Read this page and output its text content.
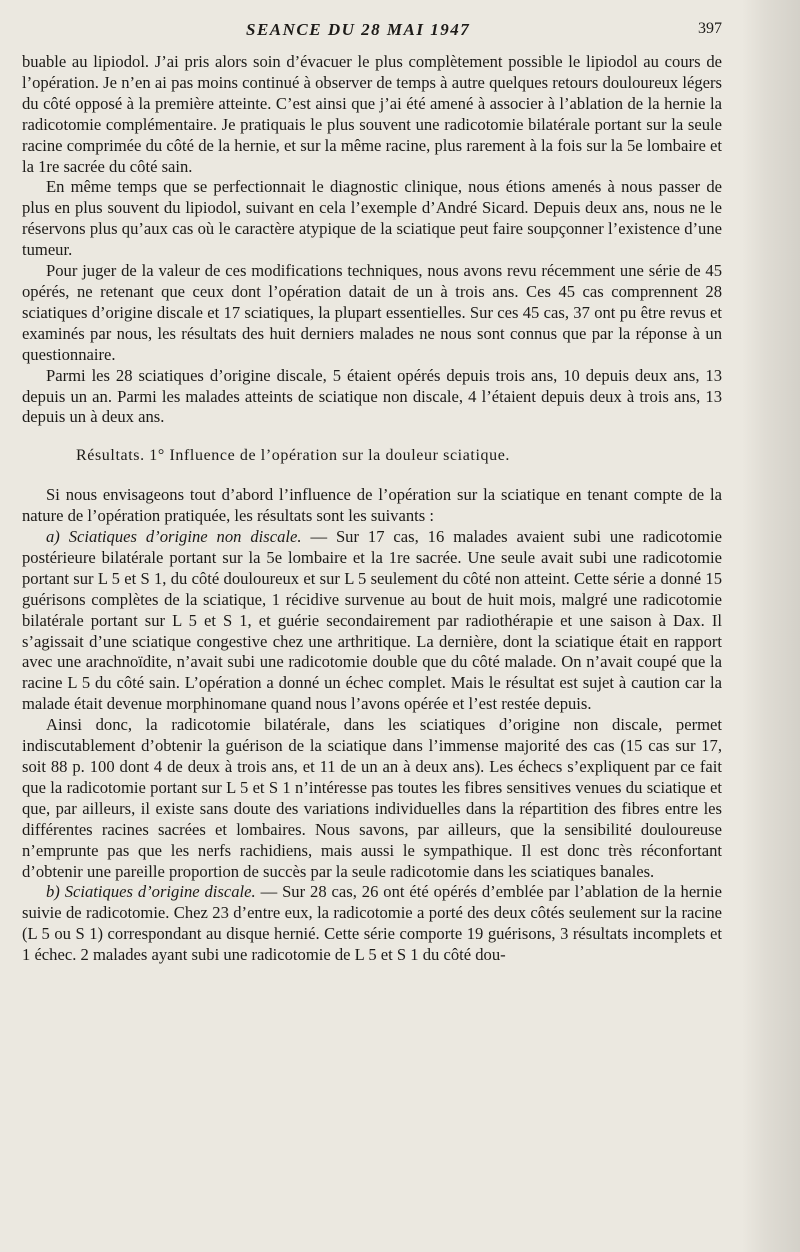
SEANCE DU 28 MAI 1947	397

buable au lipiodol. J’ai pris alors soin d’évacuer le plus complètement possible le lipiodol au cours de l’opération. Je n’en ai pas moins continué à observer de temps à autre quelques retours douloureux légers du côté opposé à la première atteinte. C’est ainsi que j’ai été amené à associer à l’ablation de la hernie la radicotomie complémentaire. Je pratiquais le plus souvent une radicotomie bilatérale portant sur la seule racine comprimée du côté de la hernie, et sur la même racine, plus rarement à la fois sur la 5e lombaire et la 1re sacrée du côté sain.

En même temps que se perfectionnait le diagnostic clinique, nous étions amenés à nous passer de plus en plus souvent du lipiodol, suivant en cela l’exemple d’André Sicard. Depuis deux ans, nous ne le réservons plus qu’aux cas où le caractère atypique de la sciatique peut faire soupçonner l’existence d’une tumeur.

Pour juger de la valeur de ces modifications techniques, nous avons revu récemment une série de 45 opérés, ne retenant que ceux dont l’opération datait de un à trois ans. Ces 45 cas comprennent 28 sciatiques d’origine discale et 17 sciatiques, la plupart essentielles. Sur ces 45 cas, 37 ont pu être revus et examinés par nous, les résultats des huit derniers malades ne nous sont connus que par la réponse à un questionnaire.

Parmi les 28 sciatiques d’origine discale, 5 étaient opérés depuis trois ans, 10 depuis deux ans, 13 depuis un an. Parmi les malades atteints de sciatique non discale, 4 l’étaient depuis deux à trois ans, 13 depuis un à deux ans.

Résultats. 1° Influence de l’opération sur la douleur sciatique.

Si nous envisageons tout d’abord l’influence de l’opération sur la sciatique en tenant compte de la nature de l’opération pratiquée, les résultats sont les suivants :

a) Sciatiques d’origine non discale. — Sur 17 cas, 16 malades avaient subi une radicotomie postérieure bilatérale portant sur la 5e lombaire et la 1re sacrée. Une seule avait subi une radicotomie portant sur L 5 et S 1, du côté douloureux et sur L 5 seulement du côté non atteint. Cette série a donné 15 guérisons complètes de la sciatique, 1 récidive survenue au bout de huit mois, malgré une radicotomie bilatérale portant sur L 5 et S 1, et guérie secondairement par radiothérapie et une saison à Dax. Il s’agissait d’une sciatique congestive chez une arthritique. La dernière, dont la sciatique était en rapport avec une arachnoïdite, n’avait subi une radicotomie double que du côté malade. On n’avait coupé que la racine L 5 du côté sain. L’opération a donné un échec complet. Mais le résultat est sujet à caution car la malade était devenue morphinomane quand nous l’avons opérée et l’est restée depuis.

Ainsi donc, la radicotomie bilatérale, dans les sciatiques d’origine non discale, permet indiscutablement d’obtenir la guérison de la sciatique dans l’immense majorité des cas (15 cas sur 17, soit 88 p. 100 dont 4 de deux à trois ans, et 11 de un an à deux ans). Les échecs s’expliquent par ce fait que la radicotomie portant sur L 5 et S 1 n’intéresse pas toutes les fibres sensitives venues du sciatique et que, par ailleurs, il existe sans doute des variations individuelles dans la répartition des fibres entre les différentes racines sacrées et lombaires. Nous savons, par ailleurs, que la sensibilité douloureuse n’emprunte pas que les nerfs rachidiens, mais aussi le sympathique. Il est donc très réconfortant d’obtenir une pareille proportion de succès par la seule radicotomie dans les sciatiques banales.

b) Sciatiques d’origine discale. — Sur 28 cas, 26 ont été opérés d’emblée par l’ablation de la hernie suivie de radicotomie. Chez 23 d’entre eux, la radicotomie a porté des deux côtés seulement sur la racine (L 5 ou S 1) correspondant au disque hernié. Cette série comporte 19 guérisons, 3 résultats incomplets et 1 échec. 2 malades ayant subi une radicotomie de L 5 et S 1 du côté dou-
